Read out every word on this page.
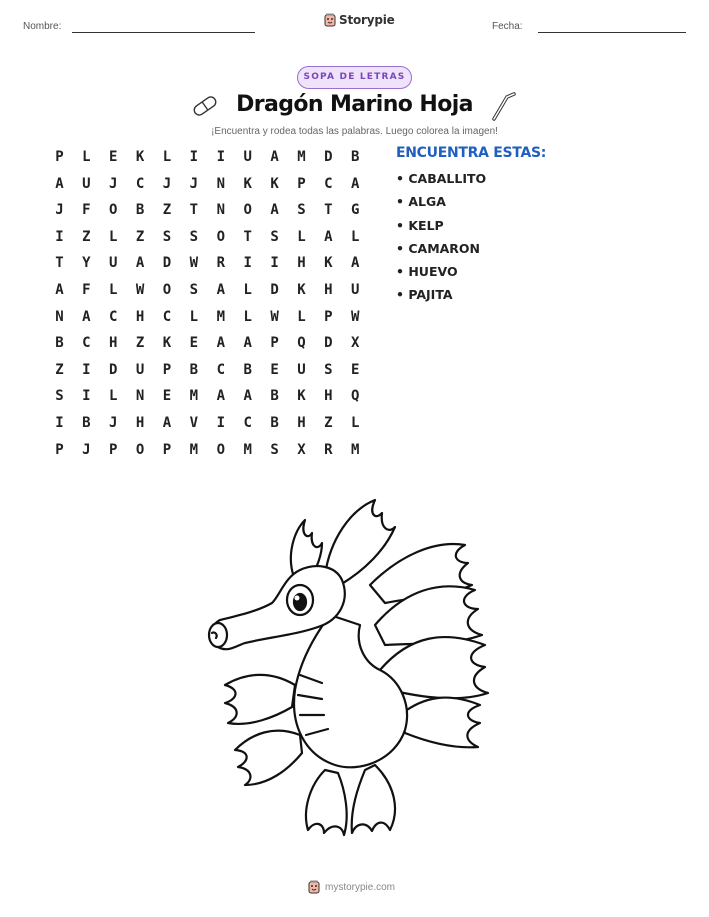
Nombre:	Storypie	Fecha:
SOPA DE LETRAS
Dragón Marino Hoja
¡Encuentra y rodea todas las palabras. Luego colorea la imagen!
P	L	E	K	L	I	I	U	A	M	D	B
A	U	J	C	J	J	N	K	K	P	C	A
J	F	O	B	Z	T	N	O	A	S	T	G
I	Z	L	Z	S	S	O	T	S	L	A	L
T	Y	U	A	D	W	R	I	I	H	K	A
A	F	L	W	O	S	A	L	D	K	H	U
N	A	C	H	C	L	M	L	W	L	P	W
B	C	H	Z	K	E	A	A	P	Q	D	X
Z	I	D	U	P	B	C	B	E	U	S	E
S	I	L	N	E	M	A	A	B	K	H	Q
I	B	J	H	A	V	I	C	B	H	Z	L
P	J	P	O	P	M	O	M	S	X	R	M
ENCUENTRA ESTAS:
• CABALLITO
• ALGA
• KELP
• CAMARON
• HUEVO
• PAJITA
mystorypie.com
